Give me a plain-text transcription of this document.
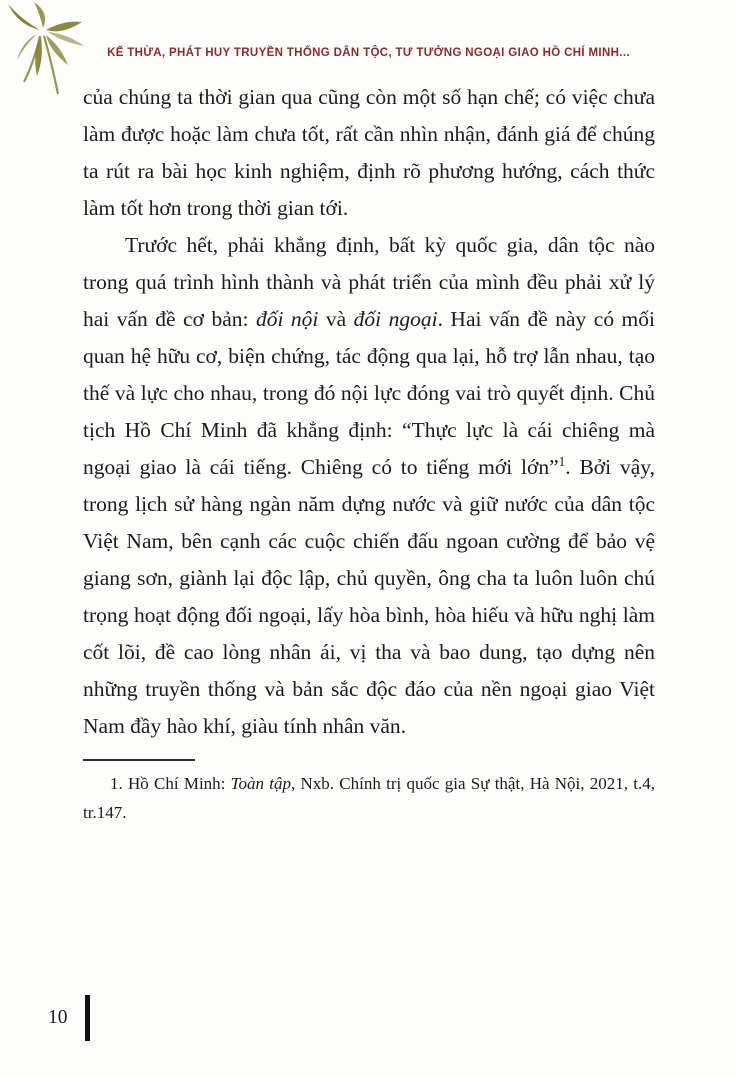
KẾ THỪA, PHÁT HUY TRUYỀN THỐNG DÂN TỘC, TƯ TƯỞNG NGOẠI GIAO HỒ CHÍ MINH...

của chúng ta thời gian qua cũng còn một số hạn chế; có việc chưa làm được hoặc làm chưa tốt, rất cần nhìn nhận, đánh giá để chúng ta rút ra bài học kinh nghiệm, định rõ phương hướng, cách thức làm tốt hơn trong thời gian tới.

Trước hết, phải khẳng định, bất kỳ quốc gia, dân tộc nào trong quá trình hình thành và phát triển của mình đều phải xử lý hai vấn đề cơ bản: đối nội và đối ngoại. Hai vấn đề này có mối quan hệ hữu cơ, biện chứng, tác động qua lại, hỗ trợ lẫn nhau, tạo thế và lực cho nhau, trong đó nội lực đóng vai trò quyết định. Chủ tịch Hồ Chí Minh đã khẳng định: “Thực lực là cái chiêng mà ngoại giao là cái tiếng. Chiêng có to tiếng mới lớn”$^1$. Bởi vậy, trong lịch sử hàng ngàn năm dựng nước và giữ nước của dân tộc Việt Nam, bên cạnh các cuộc chiến đấu ngoan cường để bảo vệ giang sơn, giành lại độc lập, chủ quyền, ông cha ta luôn luôn chú trọng hoạt động đối ngoại, lấy hòa bình, hòa hiếu và hữu nghị làm cốt lõi, đề cao lòng nhân ái, vị tha và bao dung, tạo dựng nên những truyền thống và bản sắc độc đáo của nền ngoại giao Việt Nam đầy hào khí, giàu tính nhân văn.

1. Hồ Chí Minh: Toàn tập, Nxb. Chính trị quốc gia Sự thật, Hà Nội, 2021, t.4, tr.147.

10
